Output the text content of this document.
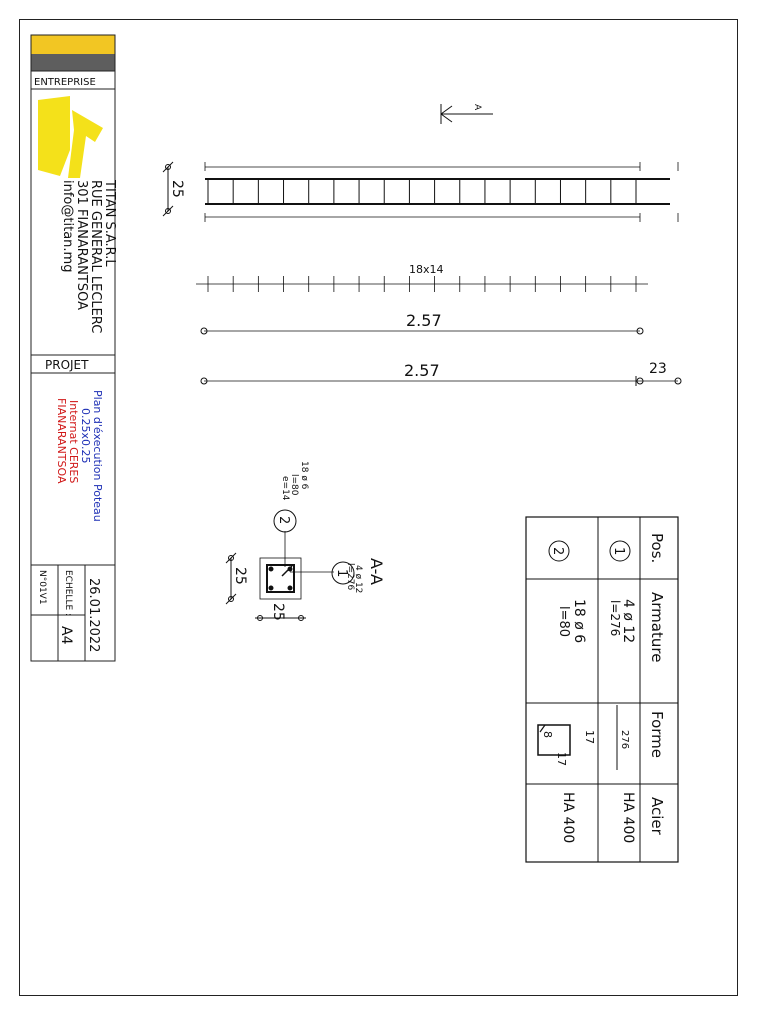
ENTREPRISE
TITAN S.A.R.L
RUE GENERAL LECLERC
301 FIANARANTSOA
info@titan.mg
PROJET
Plan d'éxecution Poteau
0.25x0.25
Internat CERES
FIANARANTSOA
26.01.2022
ECHELLE :
N°01V1
A4
A
25
18x14
2.57
2.57	23
A-A
25
25
1 4 ø 12
l=276
2
18 ø 6
l=80
e=14
Pos.
Armature
Forme
Acier
1
4 ø 12
l=276
276
HA 400
2
18 ø 6
l=80
17
8
17
HA 400
